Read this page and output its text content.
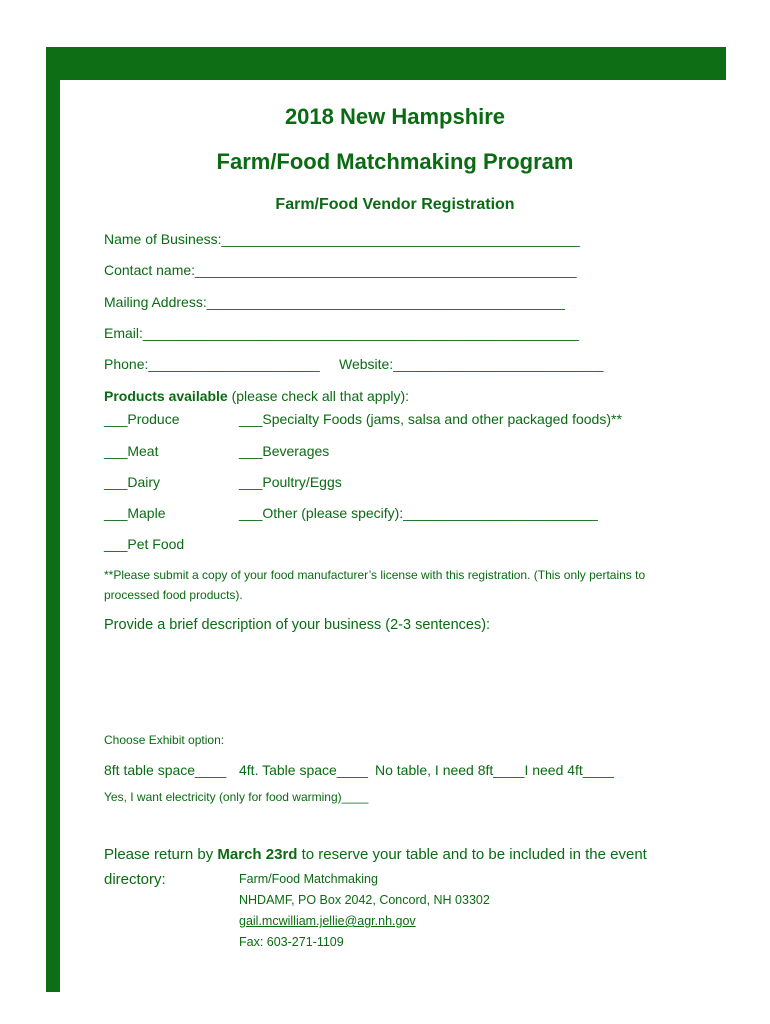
2018 New Hampshire
Farm/Food Matchmaking Program
Farm/Food Vendor Registration
Name of Business:______________________________________________
Contact name:_________________________________________________
Mailing Address:______________________________________________
Email:________________________________________________________
Phone:______________________ Website:___________________________
Products available (please check all that apply):
___Produce
___Meat
___Dairy
___Maple
___Pet Food
___Specialty Foods (jams, salsa and other packaged foods)**
___Beverages
___Poultry/Eggs
___Other (please specify):_________________________
**Please submit a copy of your food manufacturer’s license with this registration. (This only pertains to
processed food products).
Provide a brief description of your business (2-3 sentences):
Choose Exhibit option:
8ft table space____ 4ft. Table space____ No table, I need 8ft____I need 4ft____
Yes, I want electricity (only for food warming)____
Please return by March 23rd to reserve your table and to be included in the event
directory:	Farm/Food Matchmaking
NHDAMF, PO Box 2042, Concord, NH 03302
gail.mcwilliam.jellie@agr.nh.gov
Fax: 603-271-1109
